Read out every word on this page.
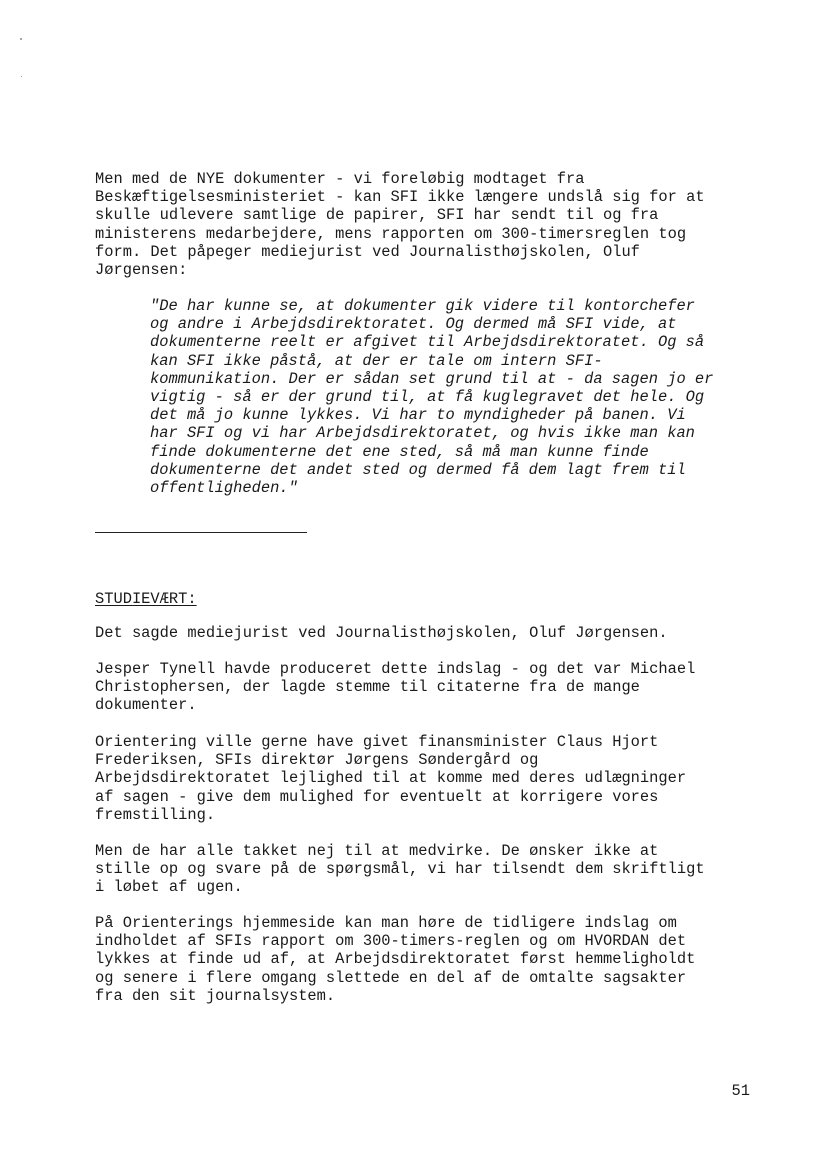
Men med de NYE dokumenter - vi foreløbig modtaget fra
Beskæftigelsesministeriet - kan SFI ikke længere undslå sig for at
skulle udlevere samtlige de papirer, SFI har sendt til og fra
ministerens medarbejdere, mens rapporten om 300-timersreglen tog
form. Det påpeger mediejurist ved Journalisthøjskolen, Oluf
Jørgensen:

"De har kunne se, at dokumenter gik videre til kontorchefer
og andre i Arbejdsdirektoratet. Og dermed må SFI vide, at
dokumenterne reelt er afgivet til Arbejdsdirektoratet. Og så
kan SFI ikke påstå, at der er tale om intern SFI-
kommunikation. Der er sådan set grund til at - da sagen jo er
vigtig - så er der grund til, at få kuglegravet det hele. Og
det må jo kunne lykkes. Vi har to myndigheder på banen. Vi
har SFI og vi har Arbejdsdirektoratet, og hvis ikke man kan
finde dokumenterne det ene sted, så må man kunne finde
dokumenterne det andet sted og dermed få dem lagt frem til
offentligheden."

STUDIEVÆRT:

Det sagde mediejurist ved Journalisthøjskolen, Oluf Jørgensen.

Jesper Tynell havde produceret dette indslag - og det var Michael
Christophersen, der lagde stemme til citaterne fra de mange
dokumenter.

Orientering ville gerne have givet finansminister Claus Hjort
Frederiksen, SFIs direktør Jørgens Søndergård og
Arbejdsdirektoratet lejlighed til at komme med deres udlægninger
af sagen - give dem mulighed for eventuelt at korrigere vores
fremstilling.

Men de har alle takket nej til at medvirke. De ønsker ikke at
stille op og svare på de spørgsmål, vi har tilsendt dem skriftligt
i løbet af ugen.

På Orienterings hjemmeside kan man høre de tidligere indslag om
indholdet af SFIs rapport om 300-timers-reglen og om HVORDAN det
lykkes at finde ud af, at Arbejdsdirektoratet først hemmeligholdt
og senere i flere omgang slettede en del af de omtalte sagsakter
fra den sit journalsystem.

51
